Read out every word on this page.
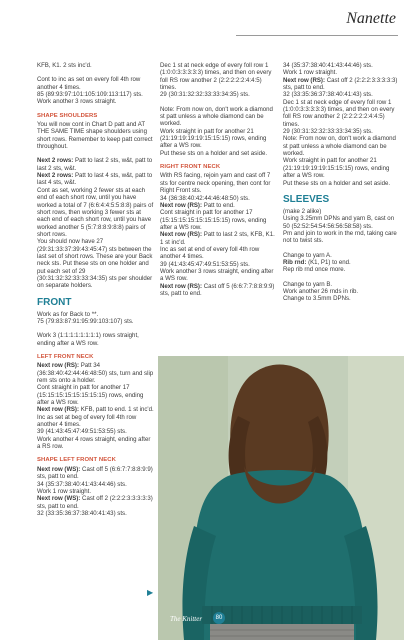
Nanette

KFB, K1. 2 sts inc'd.

Cont to inc as set on every foll 4th row another 4 times.
85 (89:93:97:101:105:109:113:117) sts.
Work another 3 rows straight.

SHAPE SHOULDERS

You will now cont in Chart D patt and AT THE SAME TIME shape shoulders using short rows. Remember to keep patt correct throughout.

Next 2 rows: Patt to last 2 sts, w&t, patt to last 2 sts, w&t.
Next 2 rows: Patt to last 4 sts, w&t, patt to last 4 sts, w&t.
Cont as set, working 2 fewer sts at each end of each short row, until you have worked a total of 7 (6:6:4:4:5:5:8:8) pairs of short rows, then working 3 fewer sts at each end of each short row, until you have worked another 5 (5:7:8:8:9:8:8) pairs of short rows.
You should now have 27 (29:31:33:37:39:43:45:47) sts between the last set of short rows. These are your Back neck sts. Put these sts on one holder and put each set of 29 (30:31:32:32:33:33:34:35) sts per shoulder on separate holders.

FRONT

Work as for Back to **.
75 (79:83:87:91:95:99:103:107) sts.

Work 3 (1:1:1:1:1:1:1:1) rows straight, ending after a WS row.

LEFT FRONT NECK

Next row (RS): Patt 34 (36:38:40:42:44:46:48:50) sts, turn and slip rem sts onto a holder.
Cont straight in patt for another 17 (15:15:15:15:15:15:15:15) rows, ending after a WS row.
Next row (RS): KFB, patt to end. 1 st inc'd.
Inc as set at beg of every foll 4th row another 4 times.
39 (41:43:45:47:49:51:53:55) sts.
Work another 4 rows straight, ending after a RS row.

SHAPE LEFT FRONT NECK

Next row (WS): Cast off 5 (6:6:7:7:8:8:9:9) sts, patt to end.
34 (35:37:38:40:41:43:44:46) sts.
Work 1 row straight.
Next row (WS): Cast off 2 (2:2:2:3:3:3:3:3) sts, patt to end.
32 (33:35:36:37:38:40:41:43) sts.

Dec 1 st at neck edge of every foll row 1 (1:0:0:3:3:3:3:3) times, and then on every foll RS row another 2 (2:2:2:2:2:4:4:5) times.
29 (30:31:32:32:33:33:34:35) sts.

Note: From now on, don't work a diamond st patt unless a whole diamond can be worked.
Work straight in patt for another 21 (21:19:19:19:19:15:15:15) rows, ending after a WS row.
Put these sts on a holder and set aside.

RIGHT FRONT NECK

With RS facing, rejoin yarn and cast off 7 sts for centre neck opening, then cont for Right Front sts.
34 (36:38:40:42:44:46:48:50) sts.
Next row (RS): Patt to end.
Cont straight in patt for another 17 (15:15:15:15:15:15:15:15) rows, ending after a WS row.
Next row (RS): Patt to last 2 sts, KFB, K1. 1 st inc'd.
Inc as set at end of every foll 4th row another 4 times.
39 (41:43:45:47:49:51:53:55) sts.
Work another 3 rows straight, ending after a WS row.
Next row (RS): Cast off 5 (6:6:7:7:8:8:9:9) sts, patt to end.

34 (35:37:38:40:41:43:44:46) sts.
Work 1 row straight.
Next row (RS): Cast off 2 (2:2:2:3:3:3:3:3) sts, patt to end.
32 (33:35:36:37:38:40:41:43) sts.
Dec 1 st at neck edge of every foll row 1 (1:0:0:3:3:3:3:3) times, and then on every foll RS row another 2 (2:2:2:2:2:4:4:5) times.
29 (30:31:32:32:33:33:34:35) sts.
Note: From now on, don't work a diamond st patt unless a whole diamond can be worked.
Work straight in patt for another 21 (21:19:19:19:19:15:15:15) rows, ending after a WS row.
Put these sts on a holder and set aside.

SLEEVES

(make 2 alike)
Using 3.25mm DPNs and yarn B, cast on 50 (52:52:54:54:56:56:58:58) sts.
Pm and join to work in the rnd, taking care not to twist sts.

Change to yarn A.
Rib rnd: (K1, P1) to end.
Rep rib rnd once more.

Change to yarn B.
Work another 26 rnds in rib.
Change to 3.5mm DPNs.

▶
The Knitter	80
